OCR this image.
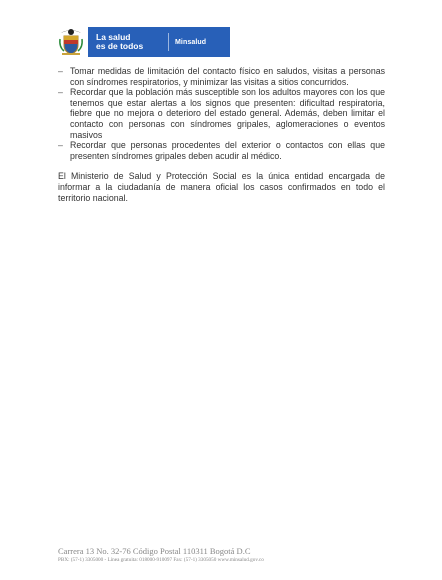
La salud
es de todos	Minsalud
– Tomar medidas de limitación del contacto físico en saludos, visitas a personas con síndromes respiratorios, y minimizar las visitas a sitios concurridos.
– Recordar que la población más susceptible son los adultos mayores con los que tenemos que estar alertas a los signos que presenten: dificultad respiratoria, fiebre que no mejora o deterioro del estado general. Además, deben limitar el contacto con personas con síndromes gripales, aglomeraciones o eventos masivos
– Recordar que personas procedentes del exterior o contactos con ellas que presenten síndromes gripales deben acudir al médico.

El Ministerio de Salud y Protección Social es la única entidad encargada de informar a la ciudadanía de manera oficial los casos confirmados en todo el territorio nacional.

Carrera 13 No. 32-76 Código Postal 110311 Bogotá D.C
PBX: (57-1) 3305000 - Línea gratuita: 018000-910097 Fax: (57-1) 3305050 www.minsalud.gov.co
